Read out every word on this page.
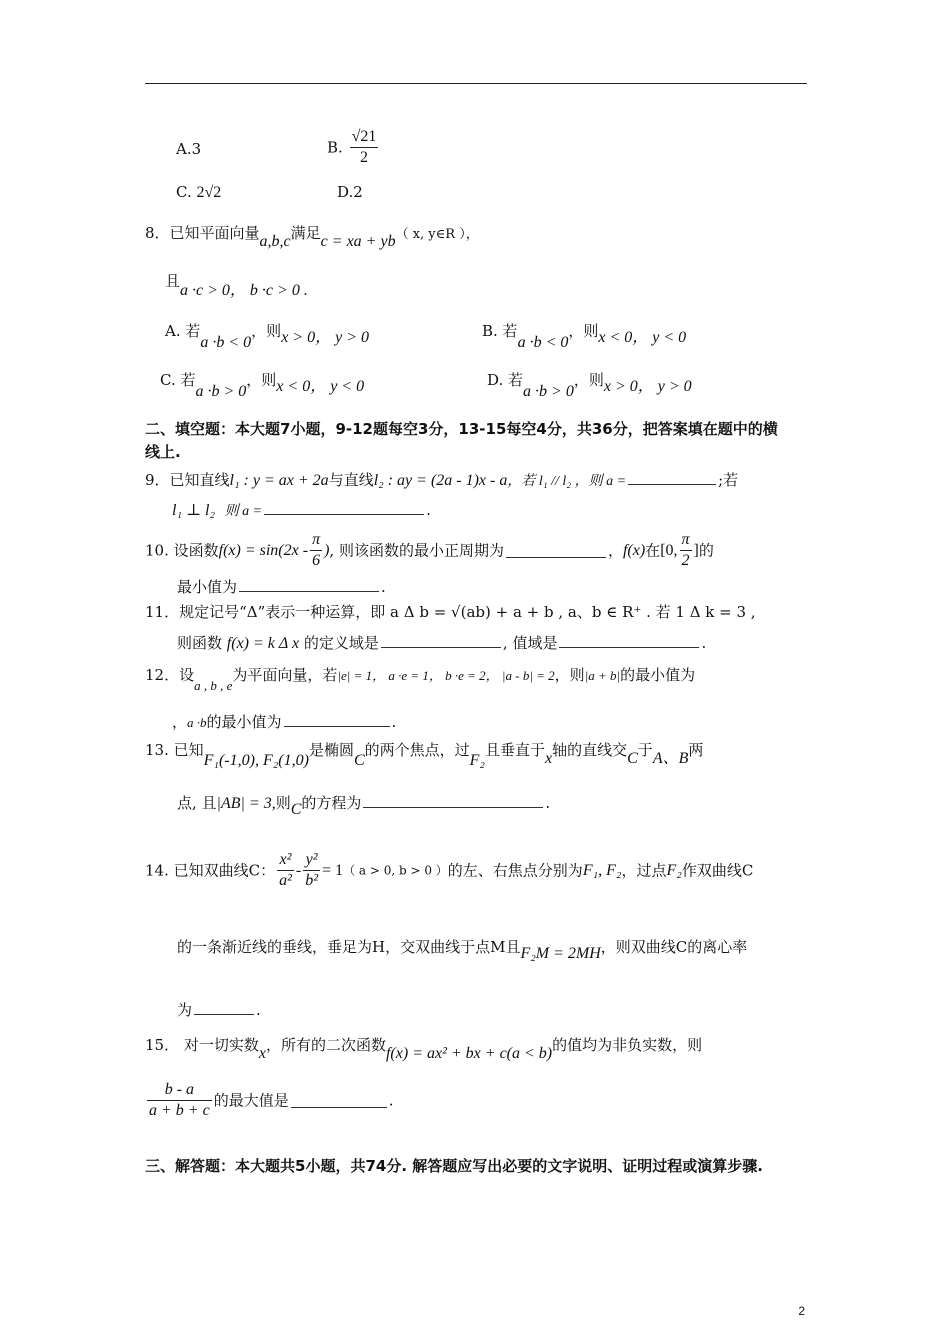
A.3	B. $\frac{√21}{2}$
C. 2√2	D.2
8．已知平面向量a,b,c满足c = xa + yb（ x, y∈R ），
且a ·c > 0， b ·c > 0 .
A. 若a ·b < 0，则x > 0， y > 0	B. 若a ·b < 0，则x < 0， y < 0
C. 若a ·b > 0，则x < 0， y < 0	D. 若a ·b > 0，则x > 0， y > 0
二、填空题：本大题7小题，9-12题每空3分，13-15每空4分，共36分，把答案填在题中的横
线上.
9．已知直线l₁ : y = ax + 2a与直线l₂ : ay = (2a - 1)x - a，若 l₁ // l₂ ，则 a =	;若
l₁ ⊥ l₂ 则 a =	.
10. 设函数$f(x) = \sin(2x - \frac{\pi}{6}$ ), 则该函数的最小正周期为	，f(x)在[0, $\frac{\pi}{2}$ ]的
最小值为	.
11．规定记号“Δ”表示一种运算，即 a Δ b = √(ab) + a + b , a、b ∈ R⁺ . 若 1 Δ k = 3 ,
则函数 f(x) = k Δ x 的定义域是	, 值域是	.
12．设a , b , e为平面向量，若|e| = 1， a ·e = 1， b ·e = 2， |a - b| = 2，则|a + b|的最小值为
，a ·b的最小值为	.
13. 已知F₁(-1,0), F₂(1,0)是椭圆C的两个焦点，过F₂且垂直于x轴的直线交C于A、B两
点, 且|AB| = 3,则C的方程为	.
14. 已知双曲线C： $\frac{\text{x²}}{\text{a²}} - \frac{\text{y²}}{\text{b²}} = 1$（ a > 0, b > 0 ）的左、右焦点分别为F₁, F₂，过点F₂作双曲线C
的一条渐近线的垂线，垂足为H，交双曲线于点M且F₂M = 2MH，则双曲线C的离心率
为	.
15． 对一切实数x，所有的二次函数f(x) = ax² + bx + c(a < b)的值均为非负实数，则
$\frac{b - a}{a + b + c}$ 的最大值是	.
三、解答题：本大题共5小题，共74分. 解答题应写出必要的文字说明、证明过程或演算步骤.
2
